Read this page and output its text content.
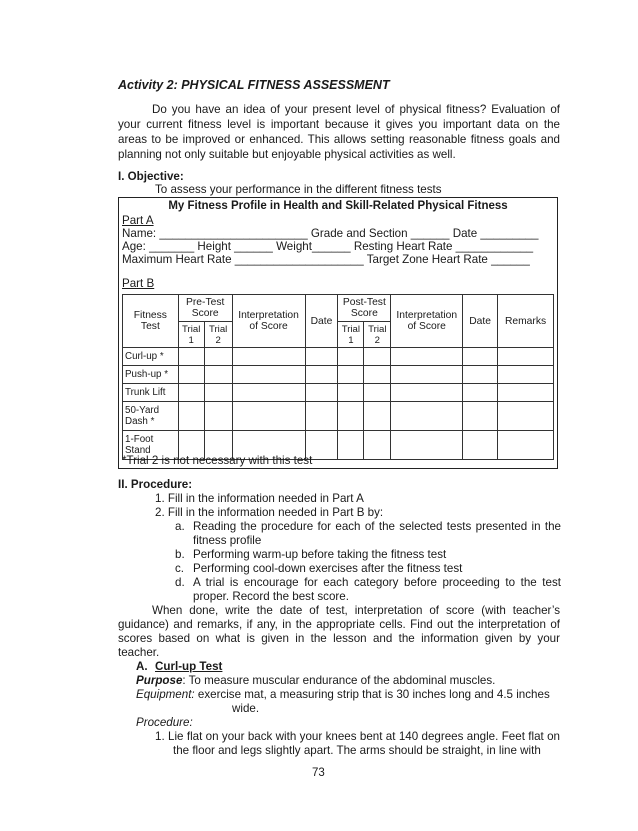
Activity 2: PHYSICAL FITNESS ASSESSMENT
Do you have an idea of your present level of physical fitness? Evaluation of your current fitness level is important because it gives you important data on the areas to be improved or enhanced. This allows setting reasonable fitness goals and planning not only suitable but enjoyable physical activities as well.
I. Objective:
To assess your performance in the different fitness tests
My Fitness Profile in Health and Skill-Related Physical Fitness
Part A
Name: _______________________ Grade and Section ______ Date _________
Age: _______ Height ______ Weight______ Resting Heart Rate ____________
Maximum Heart Rate ____________________ Target Zone Heart Rate ______
Part B
Fitness Test	Pre-Test Score		Interpretation of Score	Date	Post-Test Score		Interpretation of Score	Date	Remarks
	Trial 1	Trial 2			Trial 1	Trial 2			
Curl-up *									
Push-up *									
Trunk Lift									
50-Yard Dash *									
1-Foot Stand									
*Trial 2 is not necessary with this test
II. Procedure:
1. Fill in the information needed in Part A
2. Fill in the information needed in Part B by:
a. Reading the procedure for each of the selected tests presented in the fitness profile
b. Performing warm-up before taking the fitness test
c. Performing cool-down exercises after the fitness test
d. A trial is encourage for each category before proceeding to the test proper. Record the best score.
When done, write the date of test, interpretation of score (with teacher’s guidance) and remarks, if any, in the appropriate cells. Find out the interpretation of scores based on what is given in the lesson and the information given by your teacher.
A. Curl-up Test
Purpose: To measure muscular endurance of the abdominal muscles.
Equipment: exercise mat, a measuring strip that is 30 inches long and 4.5 inches
wide.
Procedure:
1. Lie flat on your back with your knees bent at 140 degrees angle. Feet flat on the floor and legs slightly apart. The arms should be straight, in line with
73
